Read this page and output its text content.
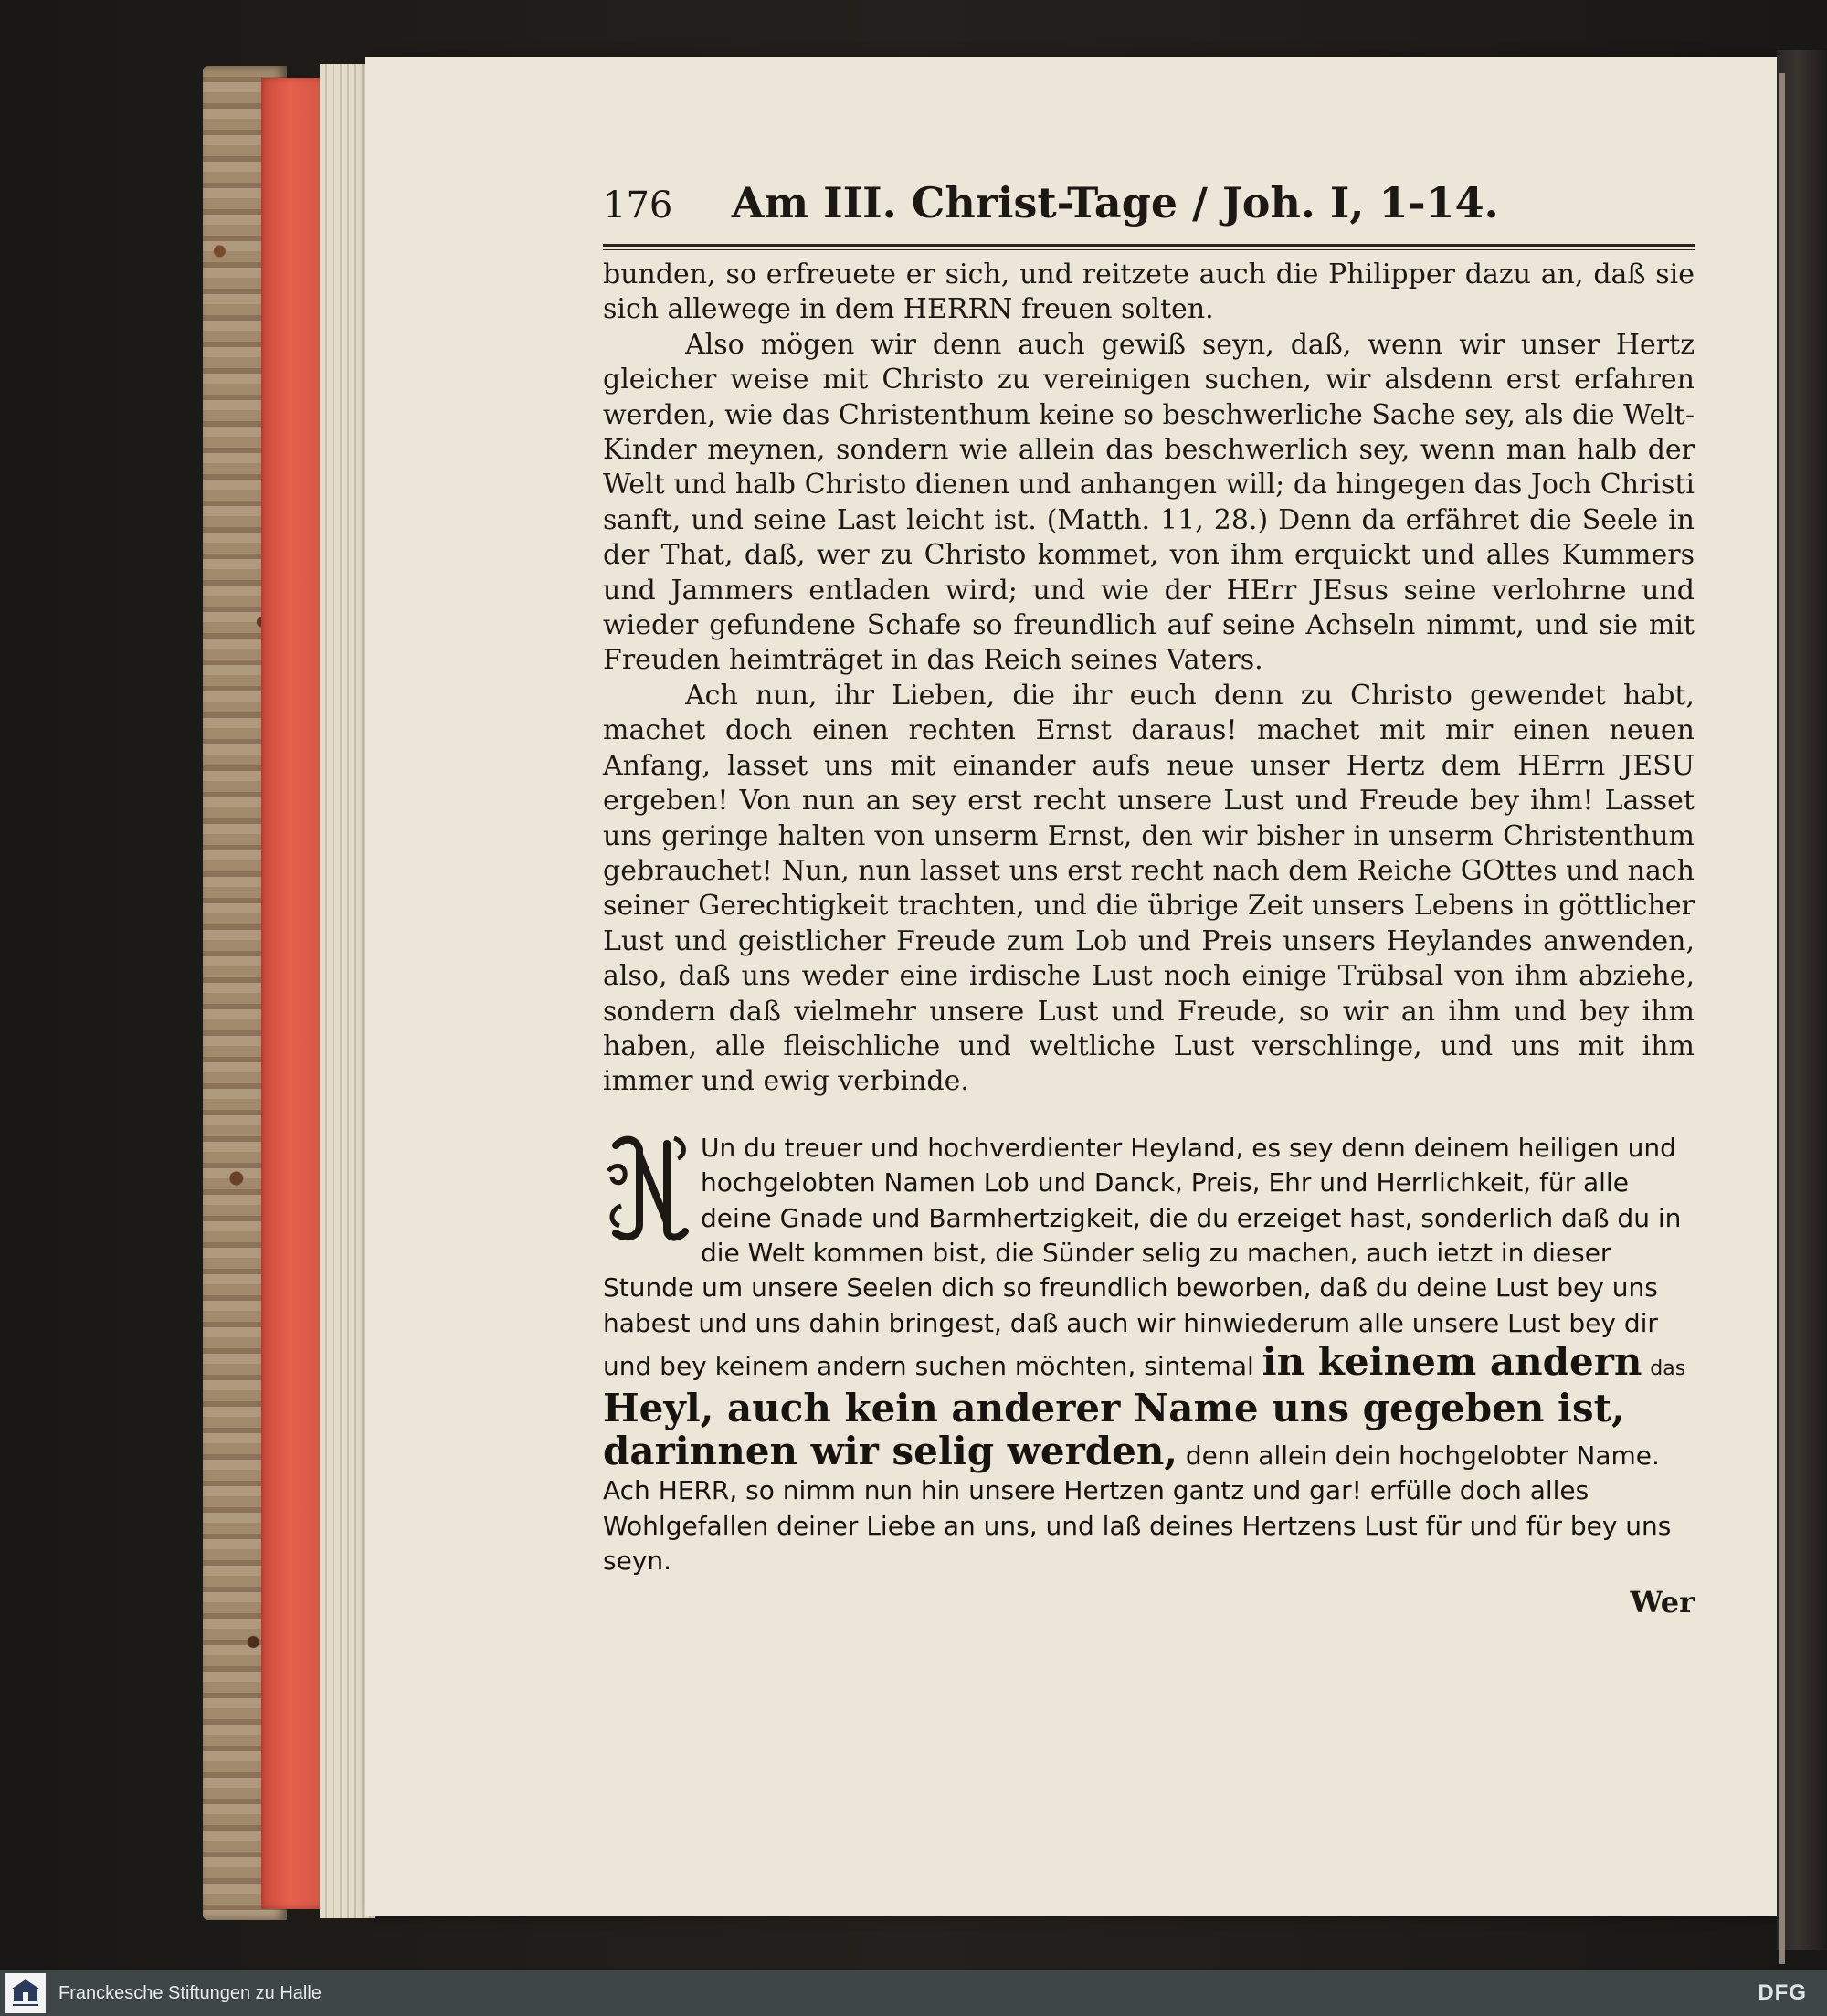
176	Am III. Christ-Tage / Joh. I, 1-14.

bunden, so erfreuete er sich, und reitzete auch die Philipper dazu an, daß sie sich allewege in dem HERRN freuen solten.

Also mögen wir denn auch gewiß seyn, daß, wenn wir unser Hertz gleicher weise mit Christo zu vereinigen suchen, wir alsdenn erst erfahren werden, wie das Christenthum keine so beschwerliche Sache sey, als die Welt-Kinder meynen, sondern wie allein das beschwerlich sey, wenn man halb der Welt und halb Christo dienen und anhangen will; da hingegen das Joch Christi sanft, und seine Last leicht ist. (Matth. 11, 28.) Denn da erfähret die Seele in der That, daß, wer zu Christo kommet, von ihm erquickt und alles Kummers und Jammers entladen wird; und wie der HErr JEsus seine verlohrne und wieder gefundene Schafe so freundlich auf seine Achseln nimmt, und sie mit Freuden heimträget in das Reich seines Vaters.

Ach nun, ihr Lieben, die ihr euch denn zu Christo gewendet habt, machet doch einen rechten Ernst daraus! machet mit mir einen neuen Anfang, lasset uns mit einander aufs neue unser Hertz dem HErrn JESU ergeben! Von nun an sey erst recht unsere Lust und Freude bey ihm! Lasset uns geringe halten von unserm Ernst, den wir bisher in unserm Christenthum gebrauchet! Nun, nun lasset uns erst recht nach dem Reiche GOttes und nach seiner Gerechtigkeit trachten, und die übrige Zeit unsers Lebens in göttlicher Lust und geistlicher Freude zum Lob und Preis unsers Heylandes anwenden, also, daß uns weder eine irdische Lust noch einige Trübsal von ihm abziehe, sondern daß vielmehr unsere Lust und Freude, so wir an ihm und bey ihm haben, alle fleischliche und weltliche Lust verschlinge, und uns mit ihm immer und ewig verbinde.

Un du treuer und hochverdienter Heyland, es sey denn deinem heiligen und hochgelobten Namen Lob und Danck, Preis, Ehr und Herrlichkeit, für alle deine Gnade und Barmhertzigkeit, die du erzeiget hast, sonderlich daß du in die Welt kommen bist, die Sünder selig zu machen, auch ietzt in dieser Stunde um unsere Seelen dich so freundlich beworben, daß du deine Lust bey uns habest und uns dahin bringest, daß auch wir hinwiederum alle unsere Lust bey dir und bey keinem andern suchen möchten, sintemal in keinem andern das Heyl, auch kein anderer Name uns gegeben ist, darinnen wir selig werden, denn allein dein hochgelobter Name. Ach HERR, so nimm nun hin unsere Hertzen gantz und gar! erfülle doch alles Wohlgefallen deiner Liebe an uns, und laß deines Hertzens Lust für und für bey uns seyn.
Wer
Franckesche Stiftungen zu Halle	DFG
